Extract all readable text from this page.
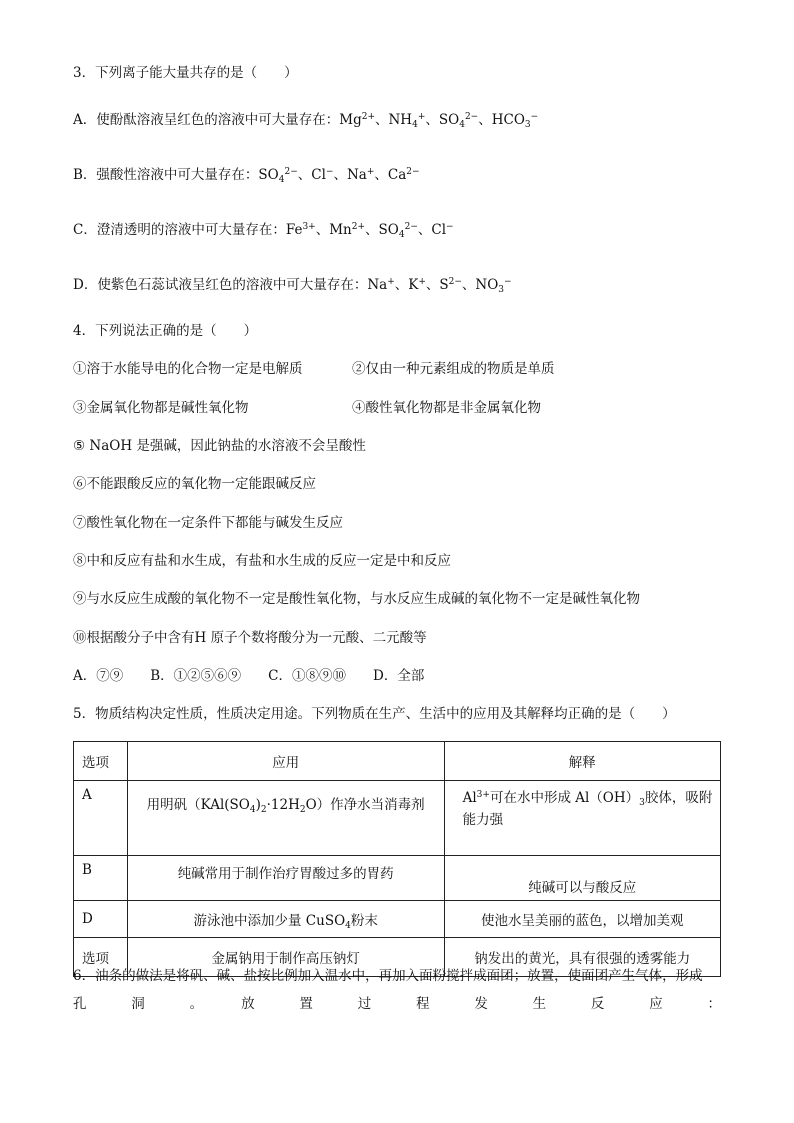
3．下列离子能大量共存的是（　　）
A．使酚酞溶液呈红色的溶液中可大量存在：$Mg^{2+}$、$NH_4^+$、$SO_4^{2-}$、$HCO_3^-$
B．强酸性溶液中可大量存在：$SO_4^{2-}$、Cl−、Na+、$Ca^{2-}$
C．澄清透明的溶液中可大量存在：$Fe^{3+}$、$Mn^{2+}$、$SO_4^{2-}$、Cl−
D．使紫色石蕊试液呈红色的溶液中可大量存在：Na+、K+、$S^{2-}$、$NO_3^-$
4．下列说法正确的是（　　）
①溶于水能导电的化合物一定是电解质	②仅由一种元素组成的物质是单质
③金属氧化物都是碱性氧化物	④酸性氧化物都是非金属氧化物
⑤ NaOH 是强碱，因此钠盐的水溶液不会呈酸性
⑥不能跟酸反应的氧化物一定能跟碱反应
⑦酸性氧化物在一定条件下都能与碱发生反应
⑧中和反应有盐和水生成，有盐和水生成的反应一定是中和反应
⑨与水反应生成酸的氧化物不一定是酸性氧化物，与水反应生成碱的氧化物不一定是碱性氧化物
⑩根据酸分子中含有H 原子个数将酸分为一元酸、二元酸等
A．⑦⑨　　B．①②⑤⑥⑨　　C．①⑧⑨⑩　　D．全部
5．物质结构决定性质，性质决定用途。下列物质在生产、生活中的应用及其解释均正确的是（　　）
选项	应用	解释
A	用明矾$(KAl(SO_4)_2\cdot 12H_2O)$作净水当消毒剂	$Al^{3+}$可在水中形成 $Al(OH)_3$胶体，吸附
能力强
B	纯碱常用于制作治疗胃酸过多的胃药	纯碱可以与酸反应
D	游泳池中添加少量 CuSO$_4$粉末	使池水呈美丽的蓝色，以增加美观
选项	金属钠用于制作高压钠灯	钠发出的黄光，具有很强的透雾能力
6．油条的做法是将矾、碱、盐按比例加入温水中，再加入面粉搅拌成面团；放置，使面团产生气体，形成
孔　洞　。　放　置　过　程　发　生　反　应　：
